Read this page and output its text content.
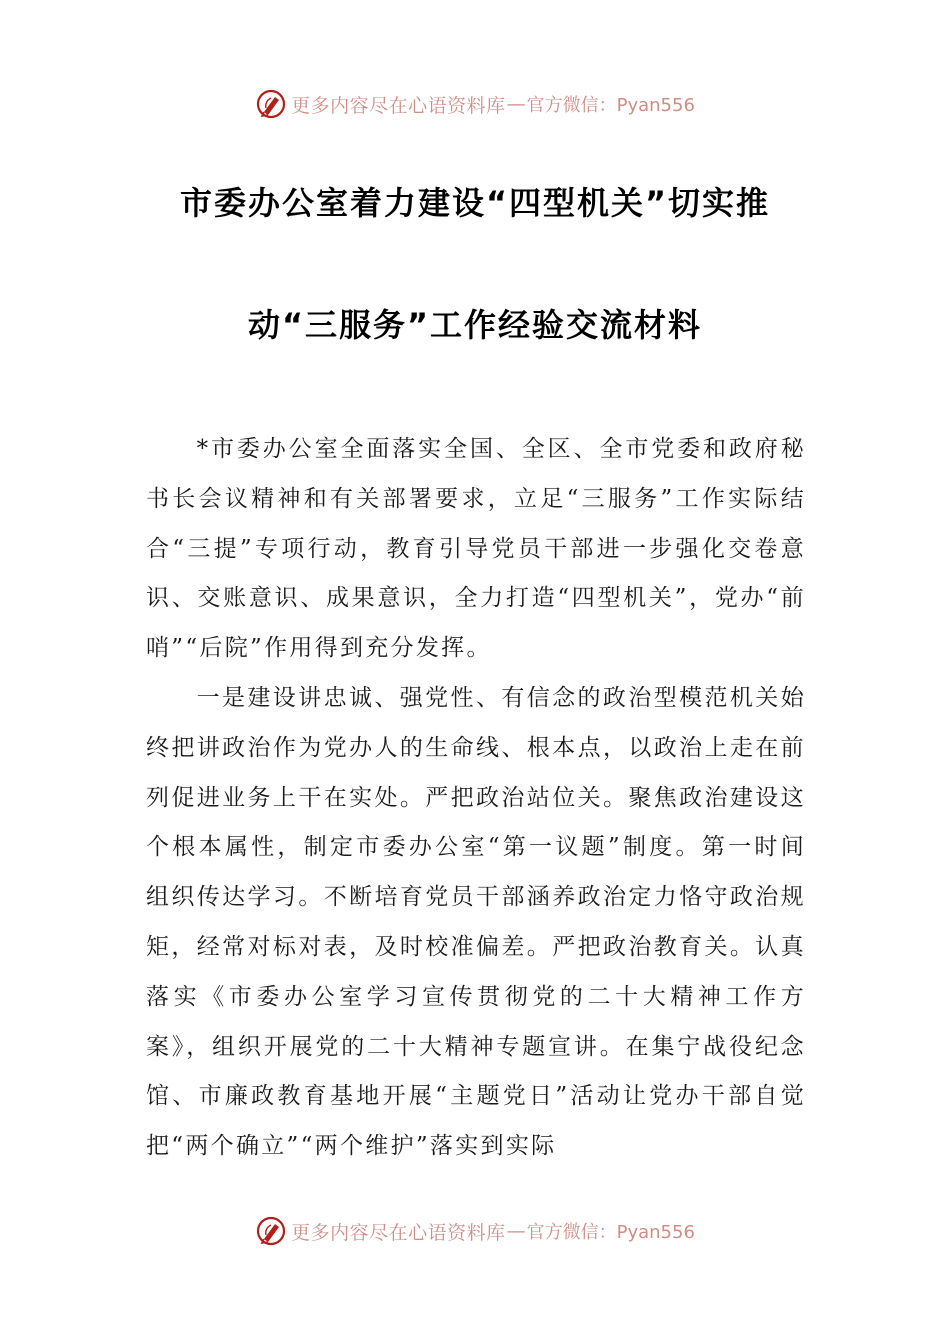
更多内容尽在心语资料库 — 官方微信：Pyan556
市委办公室着力建设“四型机关”切实推
动“三服务”工作经验交流材料

*市委办公室全面落实全国、全区、全市党委和政府秘书长会议精神和有关部署要求，立足“三服务”工作实际结合“三提”专项行动，教育引导党员干部进一步强化交卷意识、交账意识、成果意识，全力打造“四型机关”，党办“前哨”“后院”作用得到充分发挥。

一是建设讲忠诚、强党性、有信念的政治型模范机关始终把讲政治作为党办人的生命线、根本点，以政治上走在前列促进业务上干在实处。严把政治站位关。聚焦政治建设这个根本属性，制定市委办公室“第一议题”制度。第一时间组织传达学习。不断培育党员干部涵养政治定力恪守政治规矩，经常对标对表，及时校准偏差。严把政治教育关。认真落实《市委办公室学习宣传贯彻党的二十大精神工作方案》，组织开展党的二十大精神专题宣讲。在集宁战役纪念馆、市廉政教育基地开展“主题党日”活动让党办干部自觉把“两个确立”“两个维护”落实到实际

更多内容尽在心语资料库 — 官方微信：Pyan556
